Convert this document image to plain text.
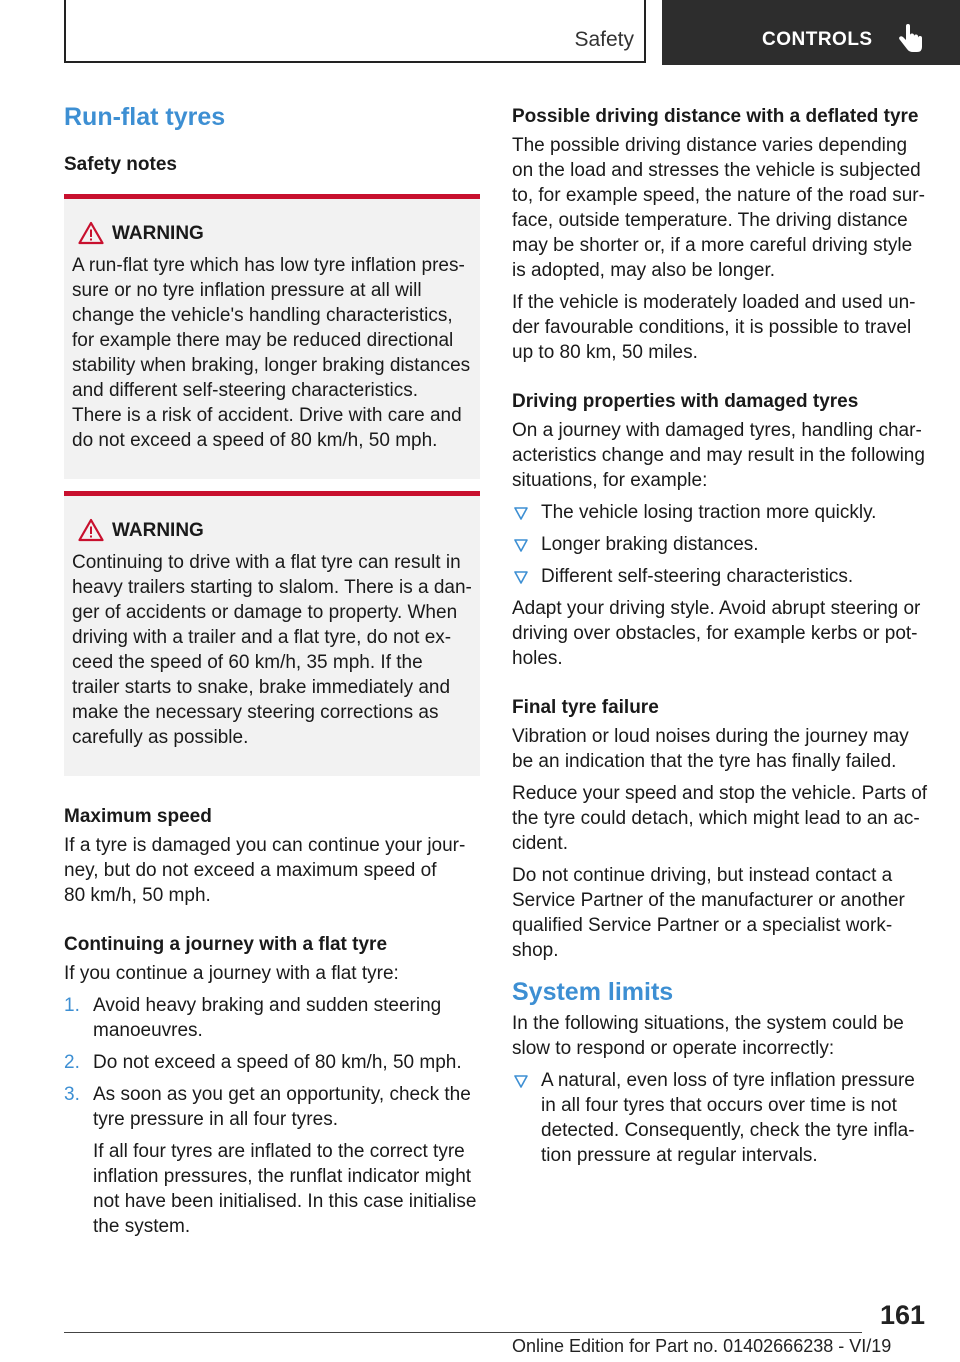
Safety	CONTROLS
Run-flat tyres
Safety notes
WARNING

A run-flat tyre which has low tyre inflation pres-
sure or no tyre inflation pressure at all will
change the vehicle's handling characteristics,
for example there may be reduced directional
stability when braking, longer braking distances
and different self-steering characteristics.
There is a risk of accident. Drive with care and
do not exceed a speed of 80 km/h, 50 mph.

WARNING

Continuing to drive with a flat tyre can result in
heavy trailers starting to slalom. There is a dan-
ger of accidents or damage to property. When
driving with a trailer and a flat tyre, do not ex-
ceed the speed of 60 km/h, 35 mph. If the
trailer starts to snake, brake immediately and
make the necessary steering corrections as
carefully as possible.

Maximum speed

If a tyre is damaged you can continue your jour-
ney, but do not exceed a maximum speed of
80 km/h, 50 mph.

Continuing a journey with a flat tyre

If you continue a journey with a flat tyre:

1. Avoid heavy braking and sudden steering
manoeuvres.
2. Do not exceed a speed of 80 km/h, 50 mph.
3. As soon as you get an opportunity, check the
tyre pressure in all four tyres.
If all four tyres are inflated to the correct tyre
inflation pressures, the runflat indicator might
not have been initialised. In this case initialise
the system.
Possible driving distance with a deflated tyre

The possible driving distance varies depending
on the load and stresses the vehicle is subjected
to, for example speed, the nature of the road sur-
face, outside temperature. The driving distance
may be shorter or, if a more careful driving style
is adopted, may also be longer.

If the vehicle is moderately loaded and used un-
der favourable conditions, it is possible to travel
up to 80 km, 50 miles.

Driving properties with damaged tyres

On a journey with damaged tyres, handling char-
acteristics change and may result in the following
situations, for example:

The vehicle losing traction more quickly.
Longer braking distances.
Different self-steering characteristics.

Adapt your driving style. Avoid abrupt steering or
driving over obstacles, for example kerbs or pot-
holes.

Final tyre failure

Vibration or loud noises during the journey may
be an indication that the tyre has finally failed.

Reduce your speed and stop the vehicle. Parts of
the tyre could detach, which might lead to an ac-
cident.

Do not continue driving, but instead contact a
Service Partner of the manufacturer or another
qualified Service Partner or a specialist work-
shop.

System limits

In the following situations, the system could be
slow to respond or operate incorrectly:

A natural, even loss of tyre inflation pressure
in all four tyres that occurs over time is not
detected. Consequently, check the tyre infla-
tion pressure at regular intervals.
161
Online Edition for Part no. 01402666238 - VI/19
